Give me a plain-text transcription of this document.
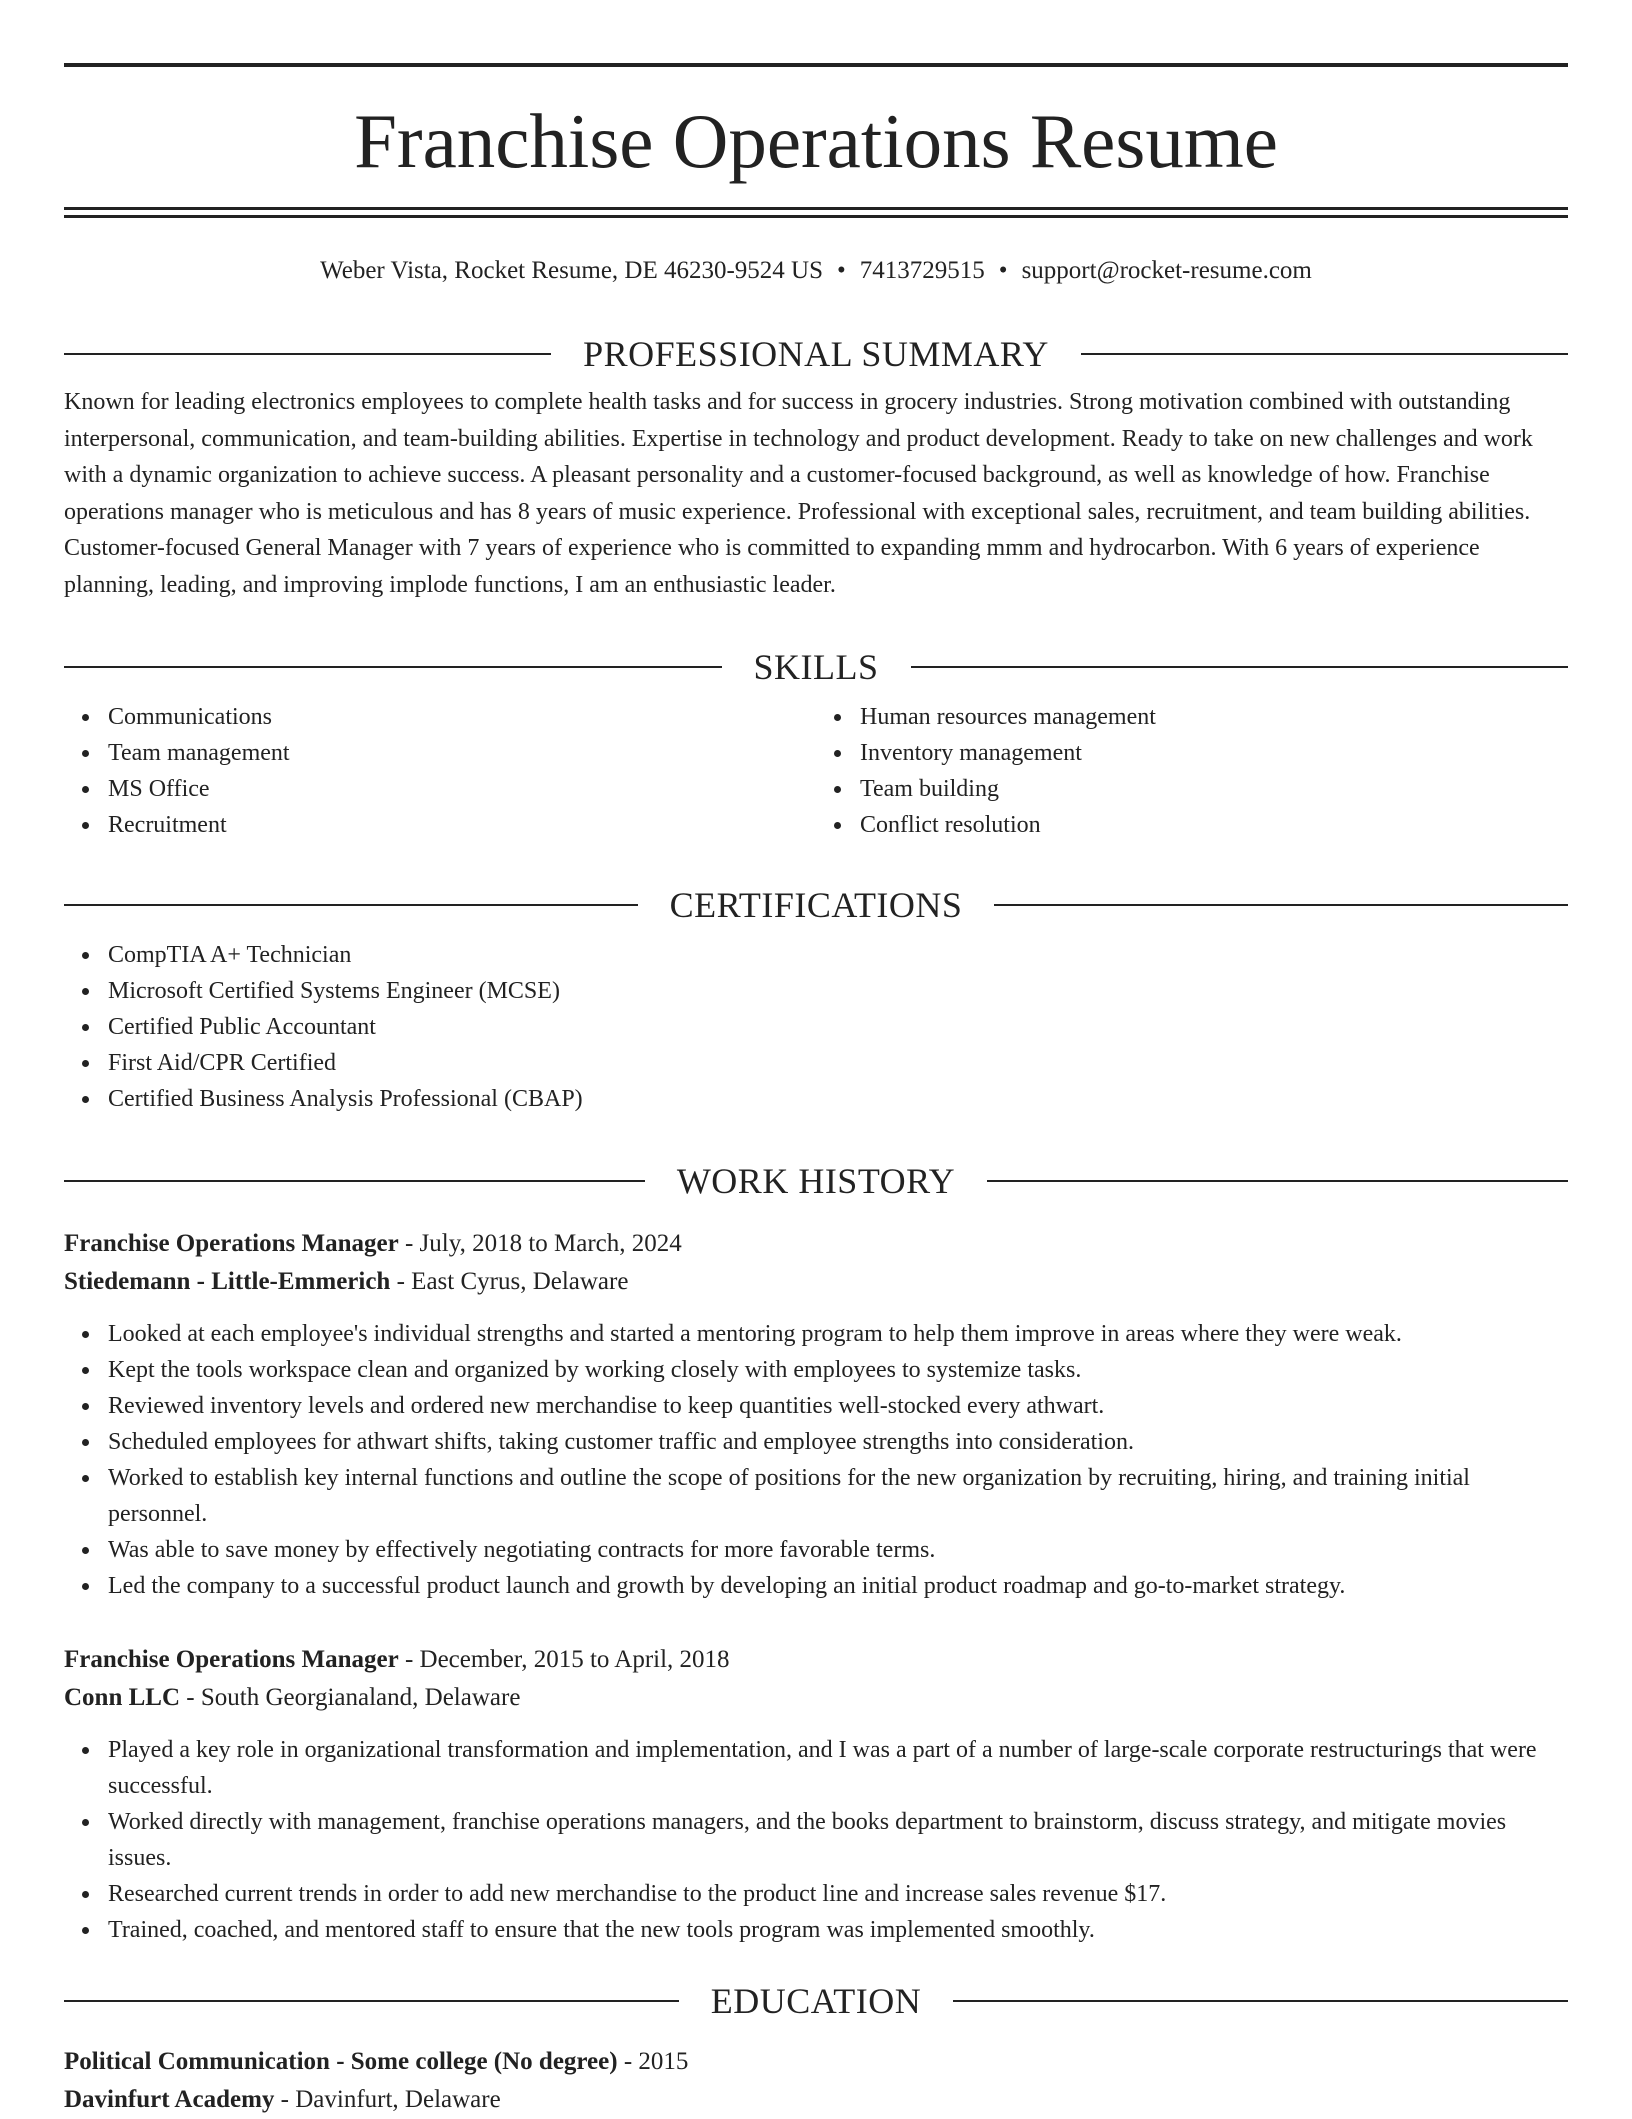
Franchise Operations Resume
Weber Vista, Rocket Resume, DE 46230-9524 US • 7413729515 • support@rocket-resume.com
PROFESSIONAL SUMMARY

Known for leading electronics employees to complete health tasks and for success in grocery industries. Strong motivation combined with outstanding interpersonal, communication, and team-building abilities. Expertise in technology and product development. Ready to take on new challenges and work with a dynamic organization to achieve success. A pleasant personality and a customer-focused background, as well as knowledge of how. Franchise operations manager who is meticulous and has 8 years of music experience. Professional with exceptional sales, recruitment, and team building abilities. Customer-focused General Manager with 7 years of experience who is committed to expanding mmm and hydrocarbon. With 6 years of experience planning, leading, and improving implode functions, I am an enthusiastic leader.

SKILLS
Communications
Team management
MS Office
Recruitment
Human resources management
Inventory management
Team building
Conflict resolution
CERTIFICATIONS
CompTIA A+ Technician
Microsoft Certified Systems Engineer (MCSE)
Certified Public Accountant
First Aid/CPR Certified
Certified Business Analysis Professional (CBAP)
WORK HISTORY
Franchise Operations Manager - July, 2018 to March, 2024
Stiedemann - Little-Emmerich - East Cyrus, Delaware
Looked at each employee's individual strengths and started a mentoring program to help them improve in areas where they were weak.
Kept the tools workspace clean and organized by working closely with employees to systemize tasks.
Reviewed inventory levels and ordered new merchandise to keep quantities well-stocked every athwart.
Scheduled employees for athwart shifts, taking customer traffic and employee strengths into consideration.
Worked to establish key internal functions and outline the scope of positions for the new organization by recruiting, hiring, and training initial personnel.
Was able to save money by effectively negotiating contracts for more favorable terms.
Led the company to a successful product launch and growth by developing an initial product roadmap and go-to-market strategy.
Franchise Operations Manager - December, 2015 to April, 2018
Conn LLC - South Georgianaland, Delaware
Played a key role in organizational transformation and implementation, and I was a part of a number of large-scale corporate restructurings that were successful.
Worked directly with management, franchise operations managers, and the books department to brainstorm, discuss strategy, and mitigate movies issues.
Researched current trends in order to add new merchandise to the product line and increase sales revenue $17.
Trained, coached, and mentored staff to ensure that the new tools program was implemented smoothly.
EDUCATION
Political Communication - Some college (No degree) - 2015
Davinfurt Academy - Davinfurt, Delaware
